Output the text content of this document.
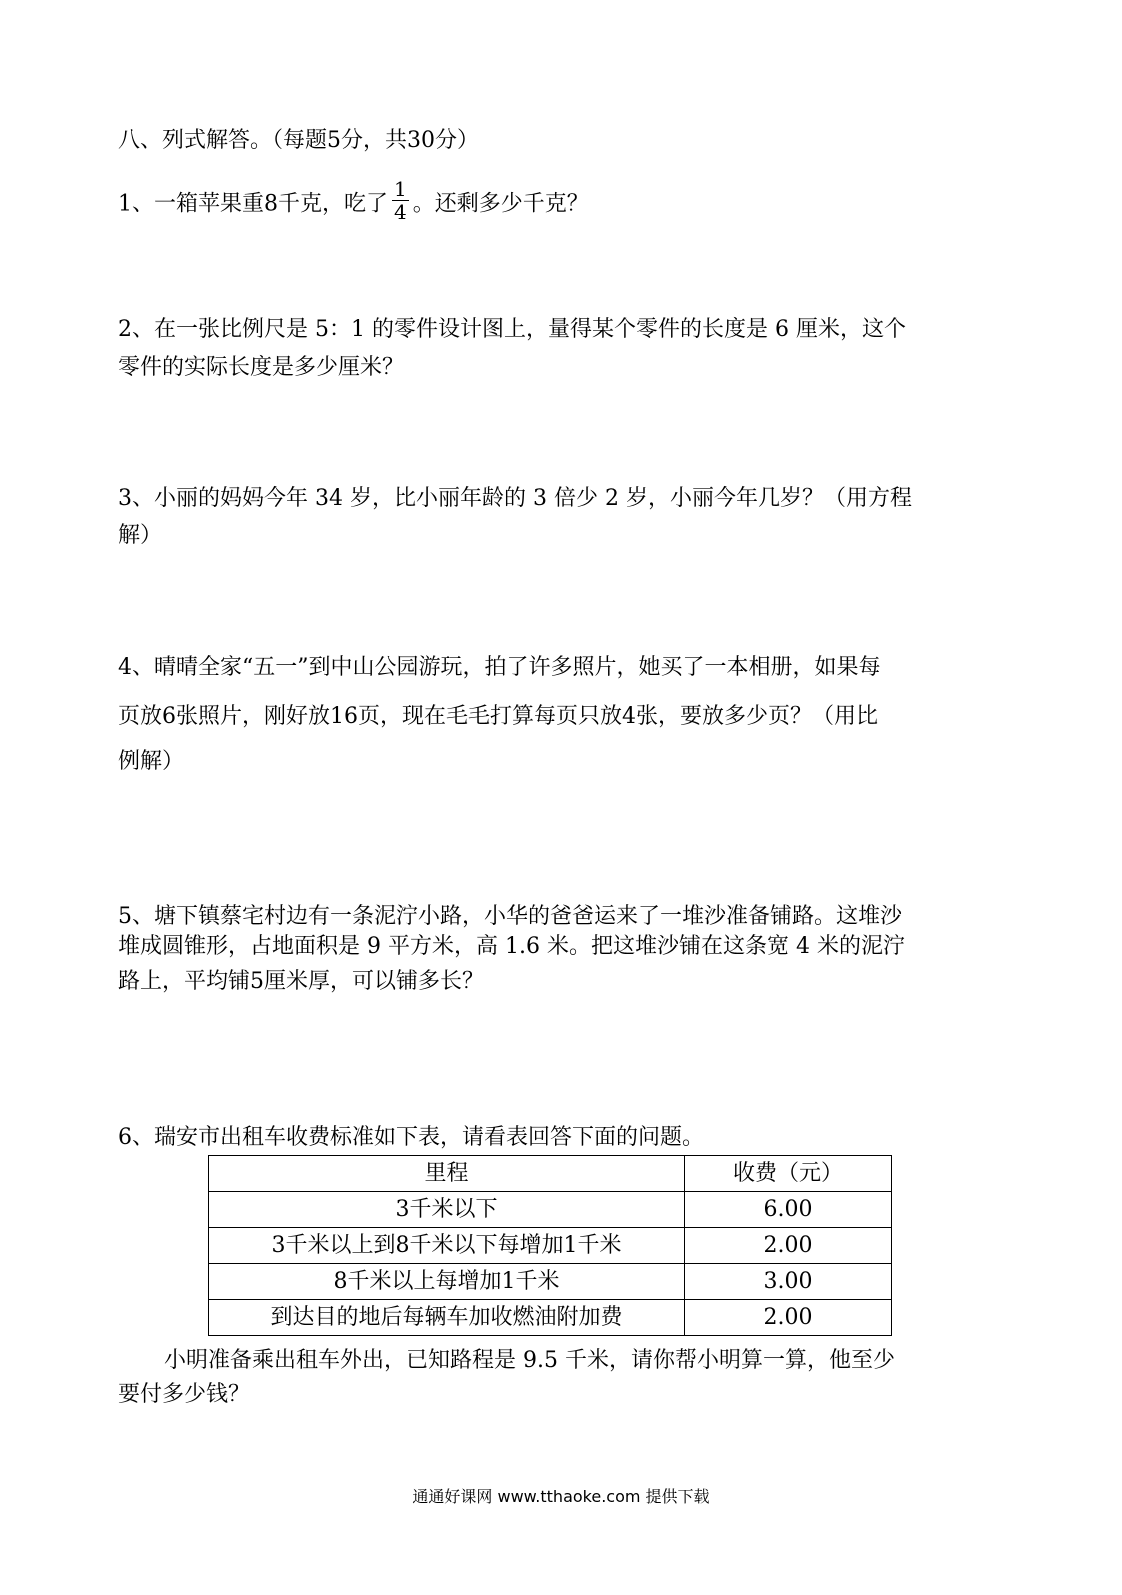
八、列式解答。（每题5分，共30分）
1、一箱苹果重8千克，吃了 $\frac{1}{4}$ 。还剩多少千克？
2、在一张比例尺是 5：1 的零件设计图上，量得某个零件的长度是 6 厘米，这个
零件的实际长度是多少厘米？
3、小丽的妈妈今年 34 岁，比小丽年龄的 3 倍少 2 岁，小丽今年几岁？（用方程
解）
4、晴晴全家“五一”到中山公园游玩，拍了许多照片，她买了一本相册，如果每
页放6张照片，刚好放16页，现在毛毛打算每页只放4张，要放多少页？（用比
例解）
5、塘下镇蔡宅村边有一条泥泞小路，小华的爸爸运来了一堆沙准备铺路。这堆沙
堆成圆锥形，占地面积是 9 平方米，高 1.6 米。把这堆沙铺在这条宽 4 米的泥泞
路上，平均铺5厘米厚，可以铺多长？
6、瑞安市出租车收费标准如下表，请看表回答下面的问题。
里程	收费（元）
3千米以下	6.00
3千米以上到8千米以下每增加1千米	2.00
8千米以上每增加1千米	3.00
到达目的地后每辆车加收燃油附加费	2.00
小明准备乘出租车外出，已知路程是 9.5 千米，请你帮小明算一算，他至少
要付多少钱？
通通好课网 www.tthaoke.com 提供下载
